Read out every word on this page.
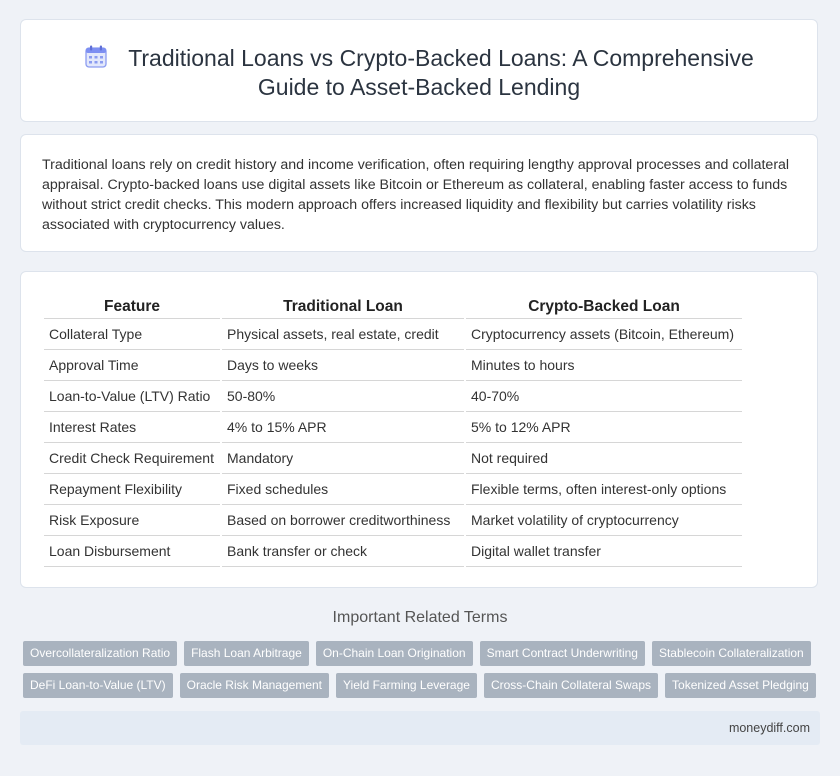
Traditional Loans vs Crypto-Backed Loans: A Comprehensive
Guide to Asset-Backed Lending
Traditional loans rely on credit history and income verification, often requiring lengthy approval processes and collateral appraisal. Crypto-backed loans use digital assets like Bitcoin or Ethereum as collateral, enabling faster access to funds without strict credit checks. This modern approach offers increased liquidity and flexibility but carries volatility risks associated with cryptocurrency values.
Feature	Traditional Loan	Crypto-Backed Loan
Collateral Type	Physical assets, real estate, credit	Cryptocurrency assets (Bitcoin, Ethereum)
Approval Time	Days to weeks	Minutes to hours
Loan-to-Value (LTV) Ratio	50-80%	40-70%
Interest Rates	4% to 15% APR	5% to 12% APR
Credit Check Requirement	Mandatory	Not required
Repayment Flexibility	Fixed schedules	Flexible terms, often interest-only options
Risk Exposure	Based on borrower creditworthiness	Market volatility of cryptocurrency
Loan Disbursement	Bank transfer or check	Digital wallet transfer
Important Related Terms
Overcollateralization Ratio	Flash Loan Arbitrage	On-Chain Loan Origination	Smart Contract Underwriting	Stablecoin Collateralization
DeFi Loan-to-Value (LTV)	Oracle Risk Management	Yield Farming Leverage	Cross-Chain Collateral Swaps	Tokenized Asset Pledging
moneydiff.com
